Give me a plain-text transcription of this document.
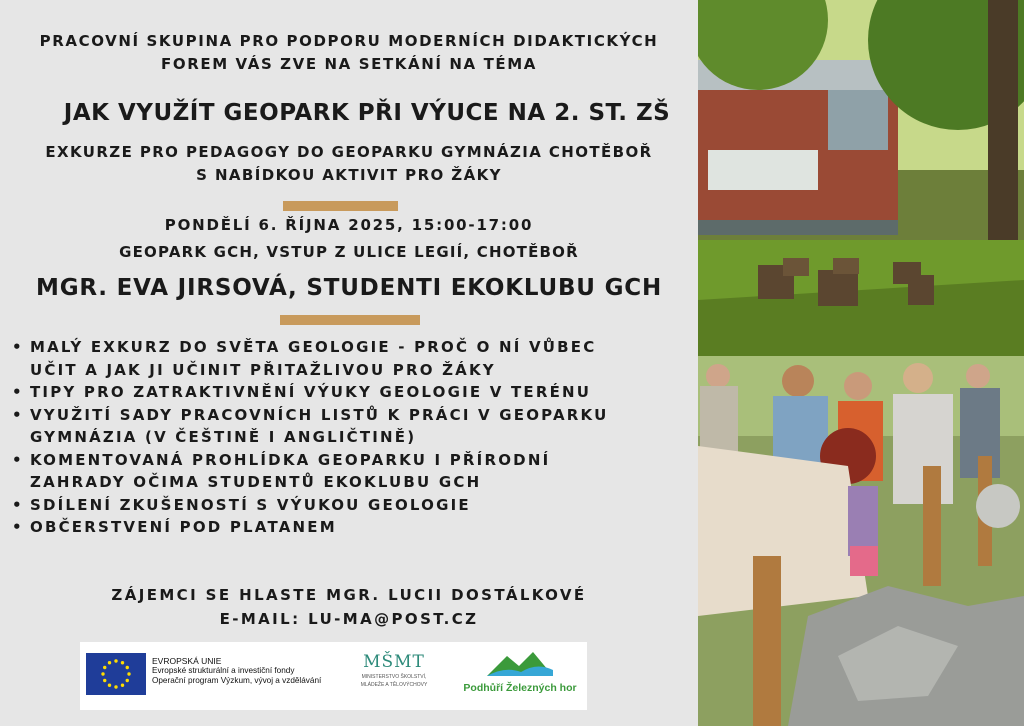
PRACOVNÍ SKUPINA PRO PODPORU MODERNÍCH DIDAKTICKÝCH
FOREM VÁS ZVE NA SETKÁNÍ NA TÉMA
JAK VYUŽÍT GEOPARK PŘI VÝUCE NA 2. ST. ZŠ
EXKURZE PRO PEDAGOGY DO GEOPARKU GYMNÁZIA CHOTĚBOŘ
S NABÍDKOU AKTIVIT PRO ŽÁKY
PONDĚLÍ 6. ŘÍJNA 2025, 15:00-17:00
GEOPARK GCH, VSTUP Z ULICE LEGIÍ, CHOTĚBOŘ
MGR. EVA JIRSOVÁ, STUDENTI EKOKLUBU GCH
• MALÝ EXKURZ DO SVĚTA GEOLOGIE - PROČ O NÍ VŮBEC
UČIT A JAK JI UČINIT PŘITAŽLIVOU PRO ŽÁKY
• TIPY PRO ZATRAKTIVNĚNÍ VÝUKY GEOLOGIE V TERÉNU
• VYUŽITÍ SADY PRACOVNÍCH LISTŮ K PRÁCI V GEOPARKU
GYMNÁZIA (V ČEŠTINĚ I ANGLIČTINĚ)
• KOMENTOVANÁ PROHLÍDKA GEOPARKU I PŘÍRODNÍ
ZAHRADY OČIMA STUDENTŮ EKOKLUBU GCH
• SDÍLENÍ ZKUŠENOSTÍ S VÝUKOU GEOLOGIE
• OBČERSTVENÍ POD PLATANEM
ZÁJEMCI SE HLASTE MGR. LUCII DOSTÁLKOVÉ
E-MAIL: LU-MA@POST.CZ
EVROPSKÁ UNIE
Evropské strukturální a investiční fondy
Operační program Výzkum, vývoj a vzdělávání
MŠMT
MINISTERSTVO ŠKOLSTVÍ,
MLÁDEŽE A TĚLOVÝCHOVY	Podhůří Železných hor
